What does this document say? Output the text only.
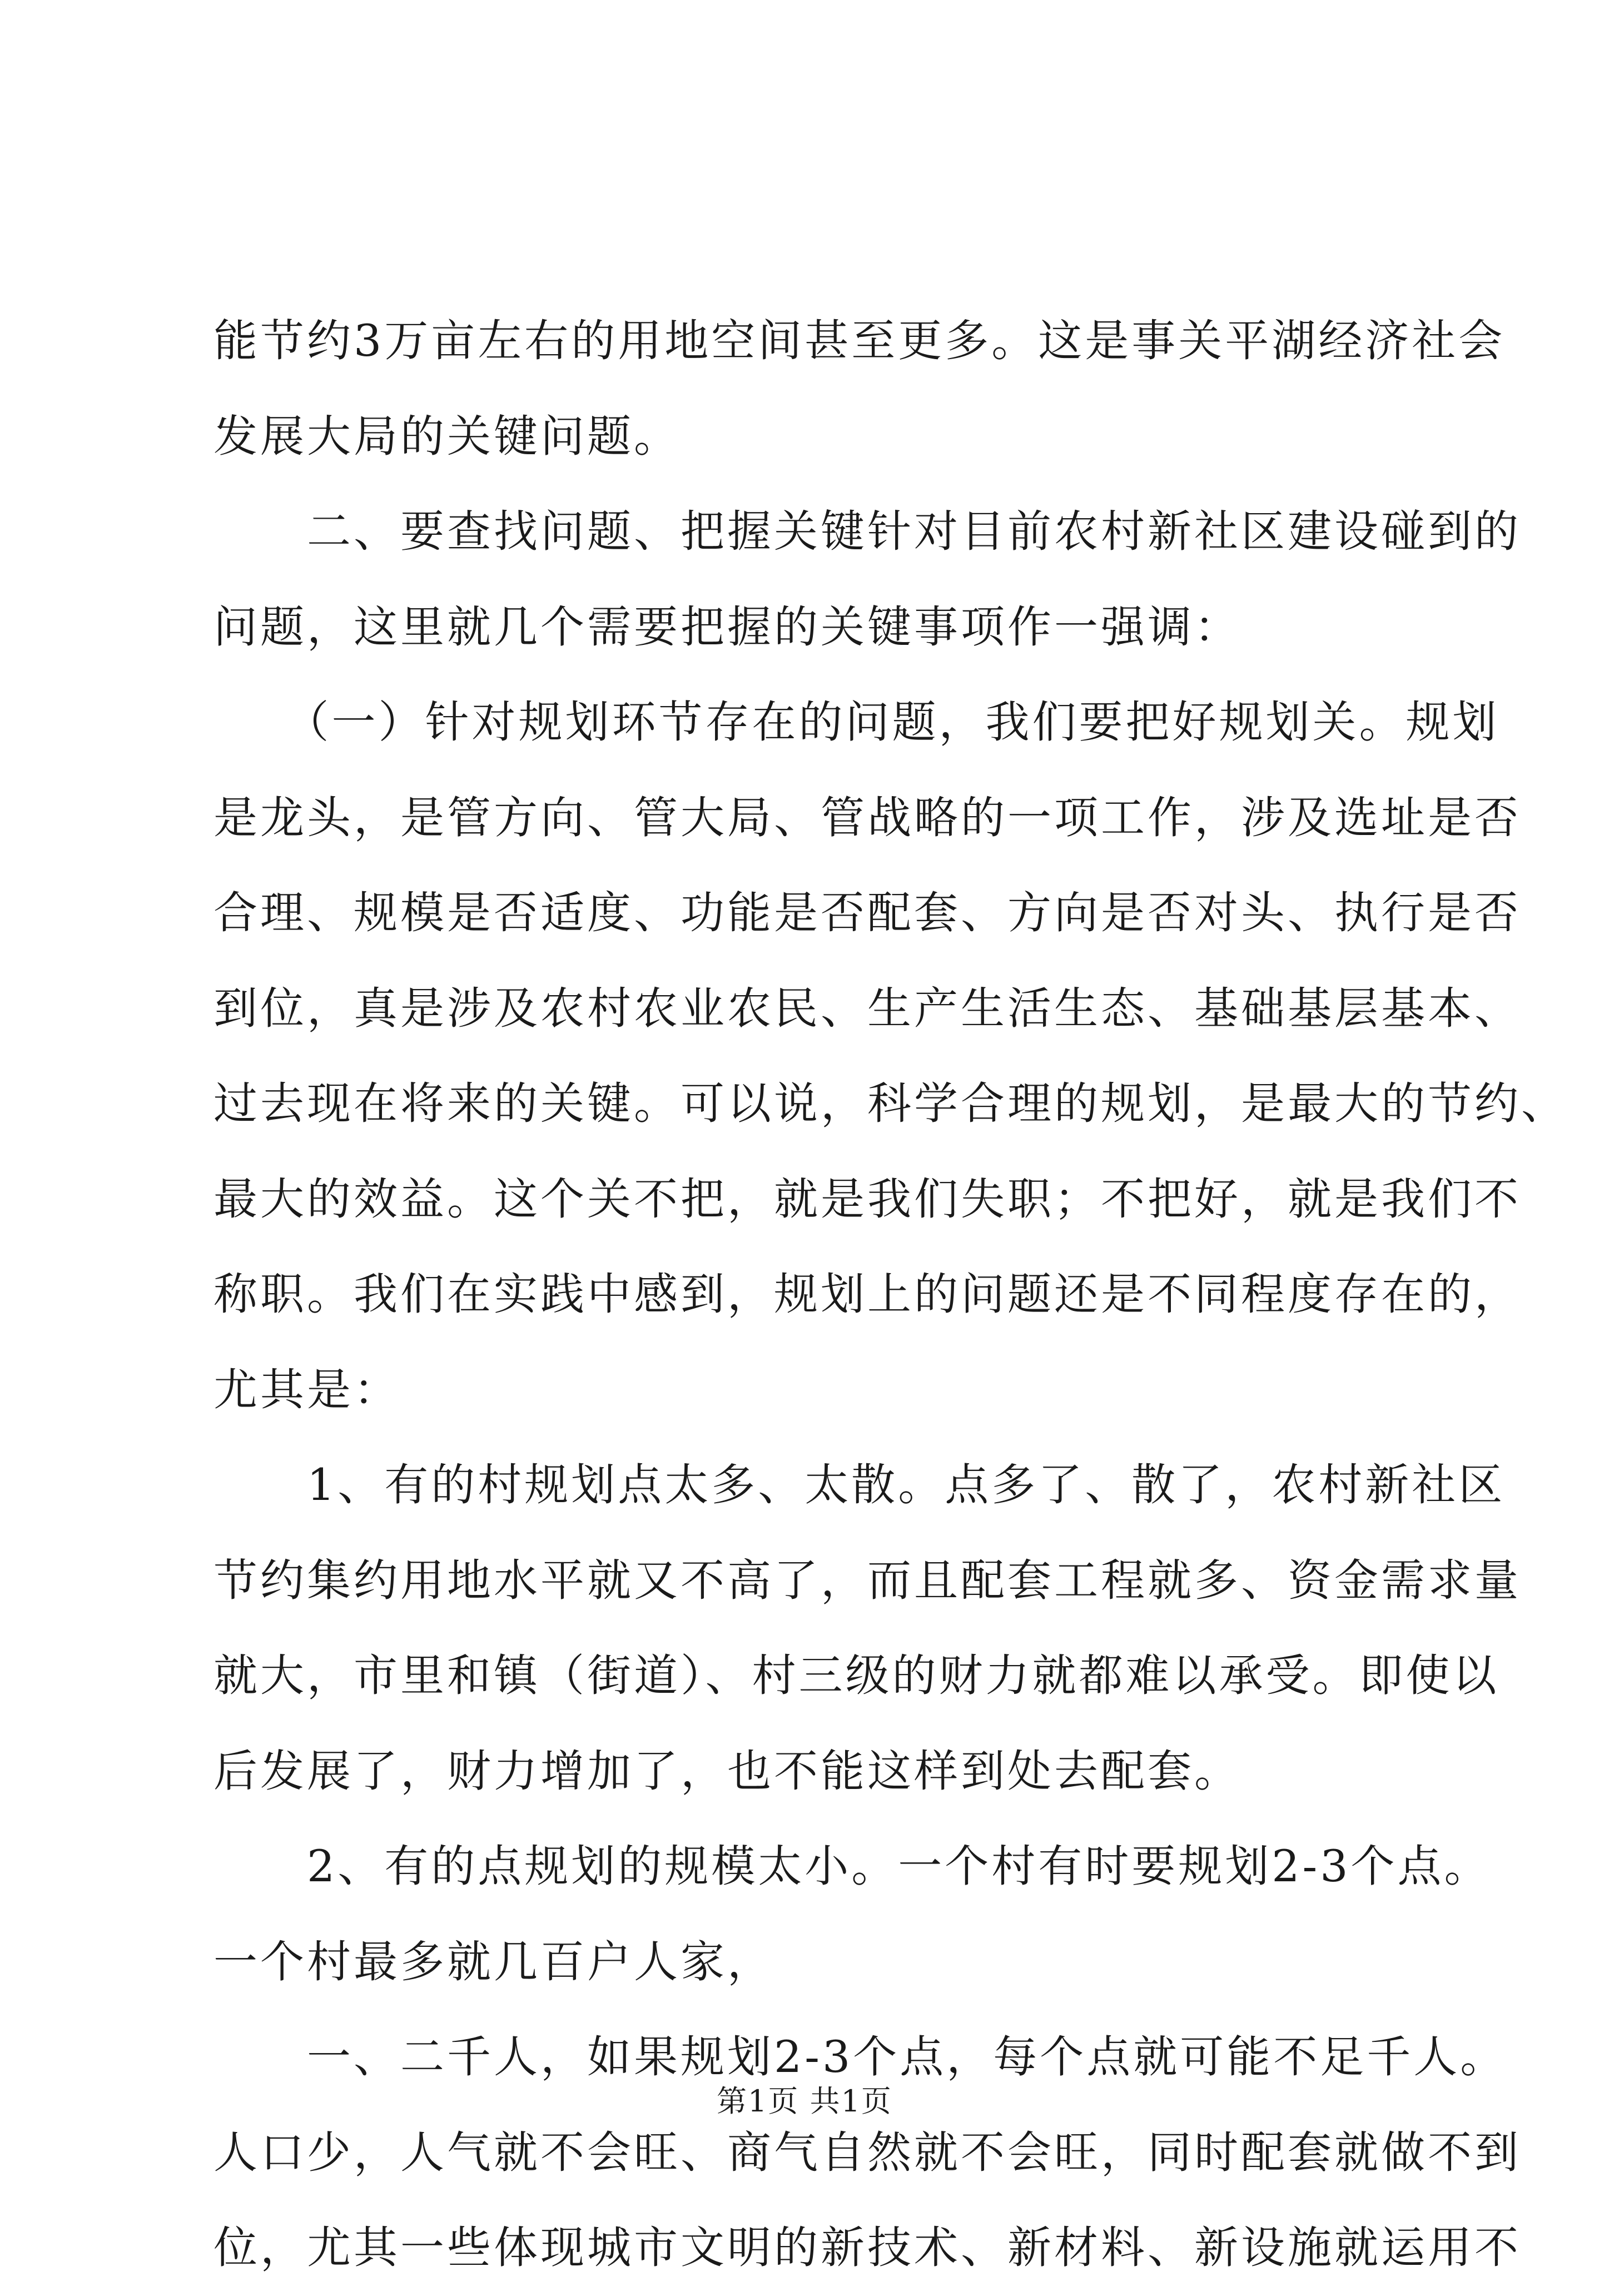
能节约3万亩左右的用地空间甚至更多。这是事关平湖经济社会
发展大局的关键问题。
　　二、要查找问题、把握关键针对目前农村新社区建设碰到的
问题，这里就几个需要把握的关键事项作一强调：
　　（一）针对规划环节存在的问题，我们要把好规划关。规划
是龙头，是管方向、管大局、管战略的一项工作，涉及选址是否
合理、规模是否适度、功能是否配套、方向是否对头、执行是否
到位，真是涉及农村农业农民、生产生活生态、基础基层基本、
过去现在将来的关键。可以说，科学合理的规划，是最大的节约、
最大的效益。这个关不把，就是我们失职；不把好，就是我们不
称职。我们在实践中感到，规划上的问题还是不同程度存在的，
尤其是：
　　1、有的村规划点太多、太散。点多了、散了，农村新社区
节约集约用地水平就又不高了，而且配套工程就多、资金需求量
就大，市里和镇（街道）、村三级的财力就都难以承受。即使以
后发展了，财力增加了，也不能这样到处去配套。
　　2、有的点规划的规模太小。一个村有时要规划2-3个点。
一个村最多就几百户人家，
　　一、二千人，如果规划2-3个点，每个点就可能不足千人。
人口少，人气就不会旺、商气自然就不会旺，同时配套就做不到
位，尤其一些体现城市文明的新技术、新材料、新设施就运用不
第1页 共1页
